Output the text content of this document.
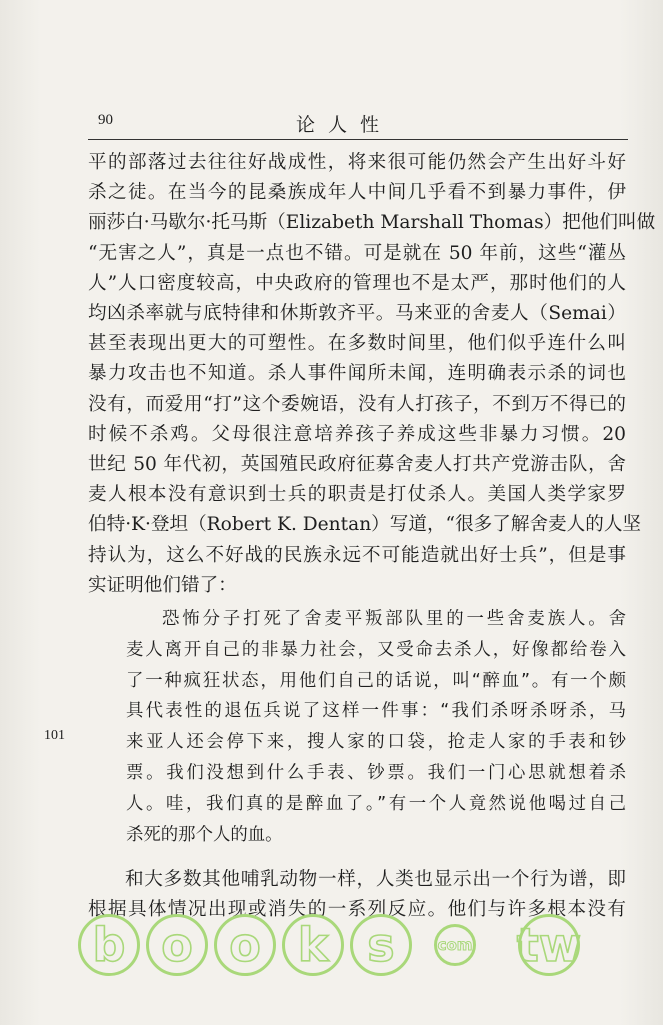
90	论人性
平的部落过去往往好战成性，将来很可能仍然会产生出好斗好
杀之徒。在当今的昆桑族成年人中间几乎看不到暴力事件，伊
丽莎白·马歇尔·托马斯（Elizabeth Marshall Thomas）把他们叫做
“无害之人”，真是一点也不错。可是就在 50 年前，这些“灌丛
人”人口密度较高，中央政府的管理也不是太严，那时他们的人
均凶杀率就与底特律和休斯敦齐平。马来亚的舍麦人（Semai）
甚至表现出更大的可塑性。在多数时间里，他们似乎连什么叫
暴力攻击也不知道。杀人事件闻所未闻，连明确表示杀的词也
没有，而爱用“打”这个委婉语，没有人打孩子，不到万不得已的
时候不杀鸡。父母很注意培养孩子养成这些非暴力习惯。20
世纪 50 年代初，英国殖民政府征募舍麦人打共产党游击队，舍
麦人根本没有意识到士兵的职责是打仗杀人。美国人类学家罗
伯特·K·登坦（Robert K. Dentan）写道，“很多了解舍麦人的人坚
持认为，这么不好战的民族永远不可能造就出好士兵”，但是事
实证明他们错了：
恐怖分子打死了舍麦平叛部队里的一些舍麦族人。舍
麦人离开自己的非暴力社会，又受命去杀人，好像都给卷入
了一种疯狂状态，用他们自己的话说，叫“醉血”。有一个颇
具代表性的退伍兵说了这样一件事：“我们杀呀杀呀杀，马
来亚人还会停下来，搜人家的口袋，抢走人家的手表和钞
票。我们没想到什么手表、钞票。我们一门心思就想着杀
人。哇，我们真的是醉血了。”有一个人竟然说他喝过自己
杀死的那个人的血。
101
和大多数其他哺乳动物一样，人类也显示出一个行为谱，即
根据具体情况出现或消失的一系列反应。他们与许多根本没有
b o o k s	com tw
